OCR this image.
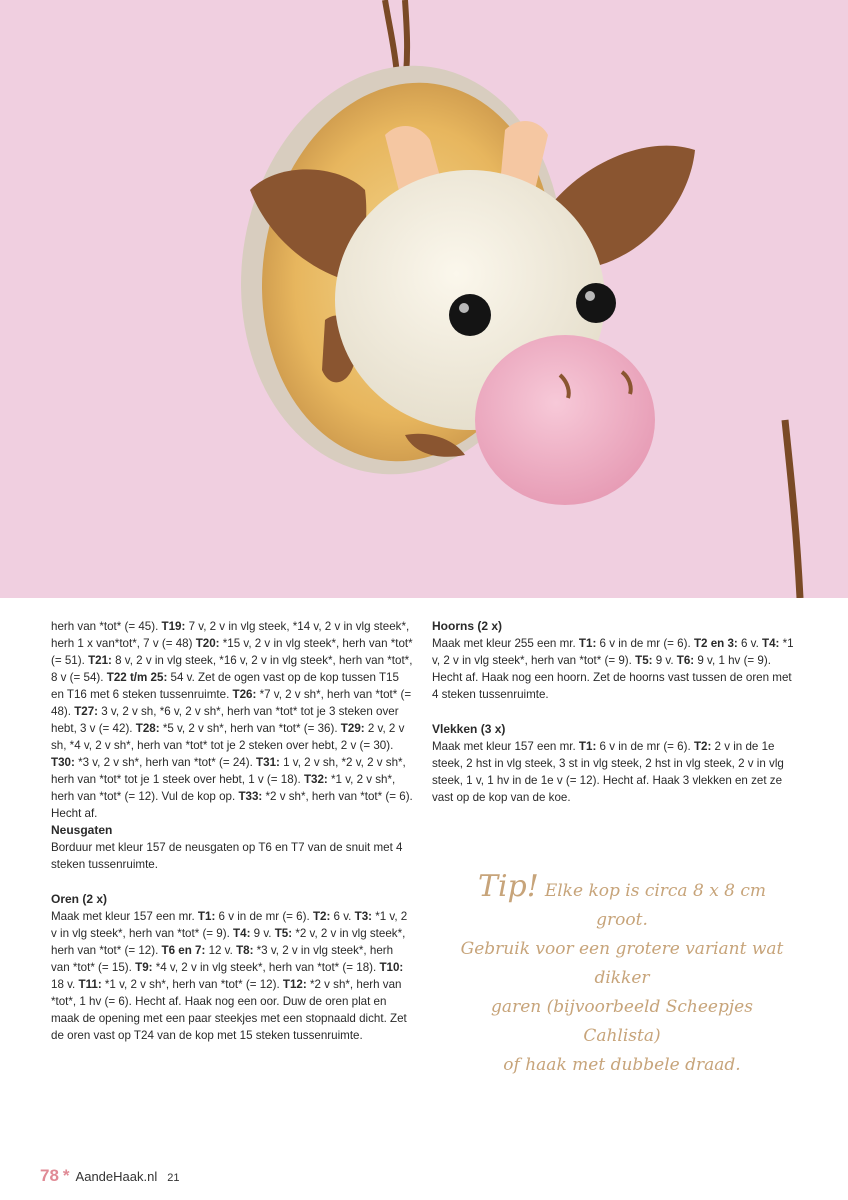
herh van *tot* (= 45). T19: 7 v, 2 v in vlg steek, *14 v, 2 v in vlg steek*, herh 1 x van*tot*, 7 v (= 48) T20: *15 v, 2 v in vlg steek*, herh van *tot* (= 51). T21: 8 v, 2 v in vlg steek, *16 v, 2 v in vlg steek*, herh van *tot*, 8 v (= 54). T22 t/m 25: 54 v. Zet de ogen vast op de kop tussen T15 en T16 met 6 steken tussenruimte. T26: *7 v, 2 v sh*, herh van *tot* (= 48). T27: 3 v, 2 v sh, *6 v, 2 v sh*, herh van *tot* tot je 3 steken over hebt, 3 v (= 42). T28: *5 v, 2 v sh*, herh van *tot* (= 36). T29: 2 v, 2 v sh, *4 v, 2 v sh*, herh van *tot* tot je 2 steken over hebt, 2 v (= 30). T30: *3 v, 2 v sh*, herh van *tot* (= 24). T31: 1 v, 2 v sh, *2 v, 2 v sh*, herh van *tot* tot je 1 steek over hebt, 1 v (= 18). T32: *1 v, 2 v sh*, herh van *tot* (= 12). Vul de kop op. T33: *2 v sh*, herh van *tot* (= 6). Hecht af.

Neusgaten

Borduur met kleur 157 de neusgaten op T6 en T7 van de snuit met 4 steken tussenruimte.

Oren (2 x)

Maak met kleur 157 een mr. T1: 6 v in de mr (= 6). T2: 6 v. T3: *1 v, 2 v in vlg steek*, herh van *tot* (= 9). T4: 9 v. T5: *2 v, 2 v in vlg steek*, herh van *tot* (= 12). T6 en 7: 12 v. T8: *3 v, 2 v in vlg steek*, herh van *tot* (= 15). T9: *4 v, 2 v in vlg steek*, herh van *tot* (= 18). T10: 18 v. T11: *1 v, 2 v sh*, herh van *tot* (= 12). T12: *2 v sh*, herh van *tot*, 1 hv (= 6). Hecht af. Haak nog een oor. Duw de oren plat en maak de opening met een paar steekjes met een stopnaald dicht. Zet de oren vast op T24 van de kop met 15 steken tussenruimte.

Hoorns (2 x)

Maak met kleur 255 een mr. T1: 6 v in de mr (= 6). T2 en 3: 6 v. T4: *1 v, 2 v in vlg steek*, herh van *tot* (= 9). T5: 9 v. T6: 9 v, 1 hv (= 9). Hecht af. Haak nog een hoorn. Zet de hoorns vast tussen de oren met 4 steken tussenruimte.

Vlekken (3 x)

Maak met kleur 157 een mr. T1: 6 v in de mr (= 6). T2: 2 v in de 1e steek, 2 hst in vlg steek, 3 st in vlg steek, 2 hst in vlg steek, 2 v in vlg steek, 1 v, 1 hv in de 1e v (= 12). Hecht af. Haak 3 vlekken en zet ze vast op de kop van de koe.

Tip! Elke kop is circa 8 x 8 cm groot.
Gebruik voor een grotere variant wat dikker
garen (bijvoorbeeld Scheepjes Cahlista)
of haak met dubbele draad.
78 * AandeHaak.nl 21
